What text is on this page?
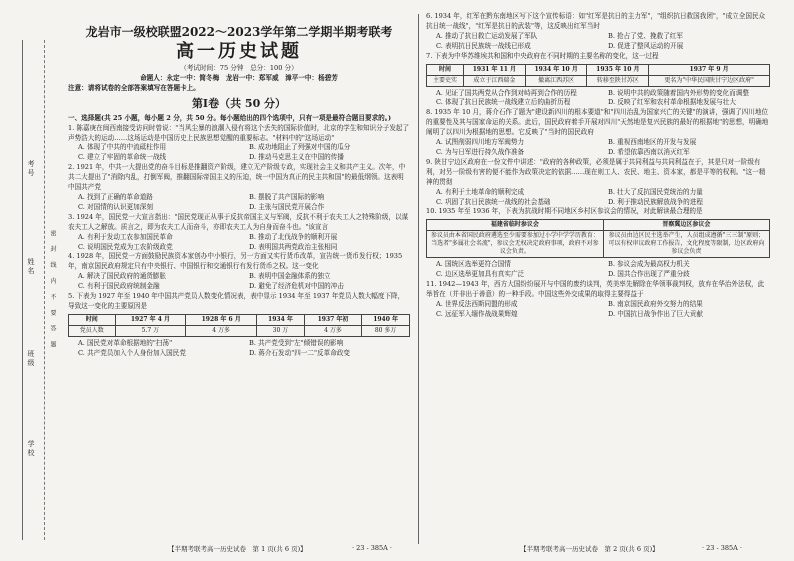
考号
姓名
班级
学校
密 封 线 内 不 要 答 题
龙岩市一级校联盟2022～2023学年第二学期半期考联考
高一历史试题

（考试时间：75 分钟　总分：100 分）

命题人：永定一中：简冬梅　龙岩一中：郑军威　漳平一中：杨碧芳

注意：请将试卷的全部答案填写在答题卡上。

第Ⅰ卷（共 50 分）

一、选择题(共 25 小题，每小题 2 分，共 50 分。每小题给出的四个选项中，只有一项是最符合题目要求的。)

1. 陈嘉庚在闽西南接受访问时曾说："当风尘暴的浪潮入侵有将这个丢失的国际价值时，北京的学生和知识分子发起了声势浩大的运动……这场运动是中国历史上民族思想觉醒的重要标志。"材料中的"这场运动"

A. 体现了中共的中流砥柱作用	B. 成功地阻止了列强对中国的瓜分
C. 建立了牢固的革命统一战线	D. 推动马克思主义在中国的传播

2. 1921 年，中共一大提出党的奋斗目标是推翻资产阶级，建立无产阶级专政，实现社会主义和共产主义。次年，中共二大提出了"消除内乱，打倒军阀，推翻国际帝国主义的压迫，统一中国为真正的民主共和国"的最低纲领。这表明中国共产党

A. 找到了正确的革命道路	B. 摆脱了共产国际的影响
C. 对国情的认识更加深刻	D. 主张与国民党开展合作

3. 1924 年，国民党一大宣言指出："国民党现正从事于反抗帝国主义与军阀，反抗不利于农夫工人之特殊阶级，以谋农夫工人之解放。质言之，即为农夫工人而奋斗，亦即农夫工人为自身而奋斗也。"该宣言

A. 有利于发动工农参加国民革命	B. 推动了北伐战争的顺利开展
C. 说明国民党成为工农阶级政党	D. 表明国共两党政治主张相同

4. 1928 年，国民党一方面鼓励民族资本家创办中小银行，另一方面又实行货币改革，宣告统一货币发行权；1935 年，南京国民政府规定只有中央银行、中国银行和交通银行有发行货币之权。这一变化

A. 解决了国民政府的通货膨胀	B. 表明中国金融体系的独立
C. 有利于国民政府统制金融	D. 避免了经济危机对中国的冲击

5. 下表为 1927 年至 1940 年中国共产党员人数变化情况表，表中显示 1934 年至 1937 年党员人数大幅度下降，导致这一变化的主要原因是

时间	1927 年 4 月	1928 年 6 月	1934 年	1937 年初	1940 年
党员人数	5.7 万	4 万多	30 万	4 万多	80 多万
A. 国民党对革命根据地的"扫荡"	B. 共产党受到"左"倾错误的影响
C. 共产党员加入个人身份加入国民党	D. 蒋介石发动"四一二"反革命政变

6. 1934 年，红军在黔东南地区写下这个宣传标语：如"红军是抗日的主力军"，"组织抗日救国我团"，"成立全国民众抗日统一战线"，"红军是抗日的武装"等，这反映出红军当时

A. 推动了抗日救亡运动发展了军队	B. 抢占了党、挽救了红军
C. 表明抗日民族统一战线已形成	D. 促进了整风运动的开展

7. 下表为中华苏维埃共和国和中央政府在不同时期的主要名称的变化，这一过程

时间	1931 年 11 月	1934 年 10 月	1935 年 10 月	1937 年 9 月
主要史实	成立于江西瑞金	撤离江西苏区	转移至陕甘苏区	更名为"中华民国陕甘宁边区政府"
A. 见证了国共两党从合作到对峙再到合作的历程	B. 说明中共的政策随着国内外形势的变化而调整
C. 体现了抗日民族统一战线建立后的曲折历程	D. 反映了红军和农村革命根据地发展与壮大

8. 1935 年 10 月，蒋介石作了题为"建设新四川的根本要道"和"四川治乱为国家兴亡的关键"的演讲，强调了四川地位的重要性及其与国家命运的关系。此后，国民政府着手开展对四川"天然地是复兴民族的最好的根据地"的思想，明确地阐明了以四川为根据地的思想。它反映了"当时的国民政府

A. 试图削弱四川地方军阀势力	B. 重视西南地区的开发与发展
C. 为与日军进行持久战作准备	D. 希望依靠西南以消灭红军

9. 陕甘宁边区政府在一份文件中讲述："政府的各种政策，必须是属于共同利益与共同利益在于，其是只对一阶级有利，对另一阶级有害的便不能作为政策决定的依据……现在则工人、农民、地主、资本家，都是平等的权利。"这一精神的贯彻

A. 有利于土地革命的顺利完成	B. 壮大了反抗国民党统治的力量
C. 巩固了抗日民族统一战线的社会基础	D. 利于推动民族解放战争的进程

10. 1935 年至 1936 年，下表为抗战时期不同地区乡村区参议会的情况，对此解读最合理的是

福建省临时参议会	晋察冀边区参议会
参议员由本省国民政府遴选至少需要参加过小学中学学历教育：当选者"多属社会名流"，参议会无权决定政府事项，政府不对参议会负责。	参议员由边区民主选举产生，人员组成遵循"三三制"原则；可以有权审议政府工作报告，文化程度等限制，边区政府向参议会负责
A. 国统区选举更符合国情	B. 参议会成为最高权力机关
C. 边区选举更加具有真实广泛	D. 国共合作出现了严重分歧

11. 1942—1943 年，西方大国纷纷展开与中国的废约谈判，英美率先解除在华领事裁判权，放弃在华治外法权，此举旨在（并非出于善意）的一种手段。中国这些外交成果的取得主要得益于

A. 世界反法西斯同盟的形成	B. 南京国民政府外交努力的结果
C. 远征军入缅作战战果辉煌	D. 中国抗日战争作出了巨大贡献
【半期考联考高一历史试卷　第 1 页(共 6 页)】	· 23 - 385A ·	【半期考联考高一历史试卷　第 2 页(共 6 页)】	· 23 - 385A ·
